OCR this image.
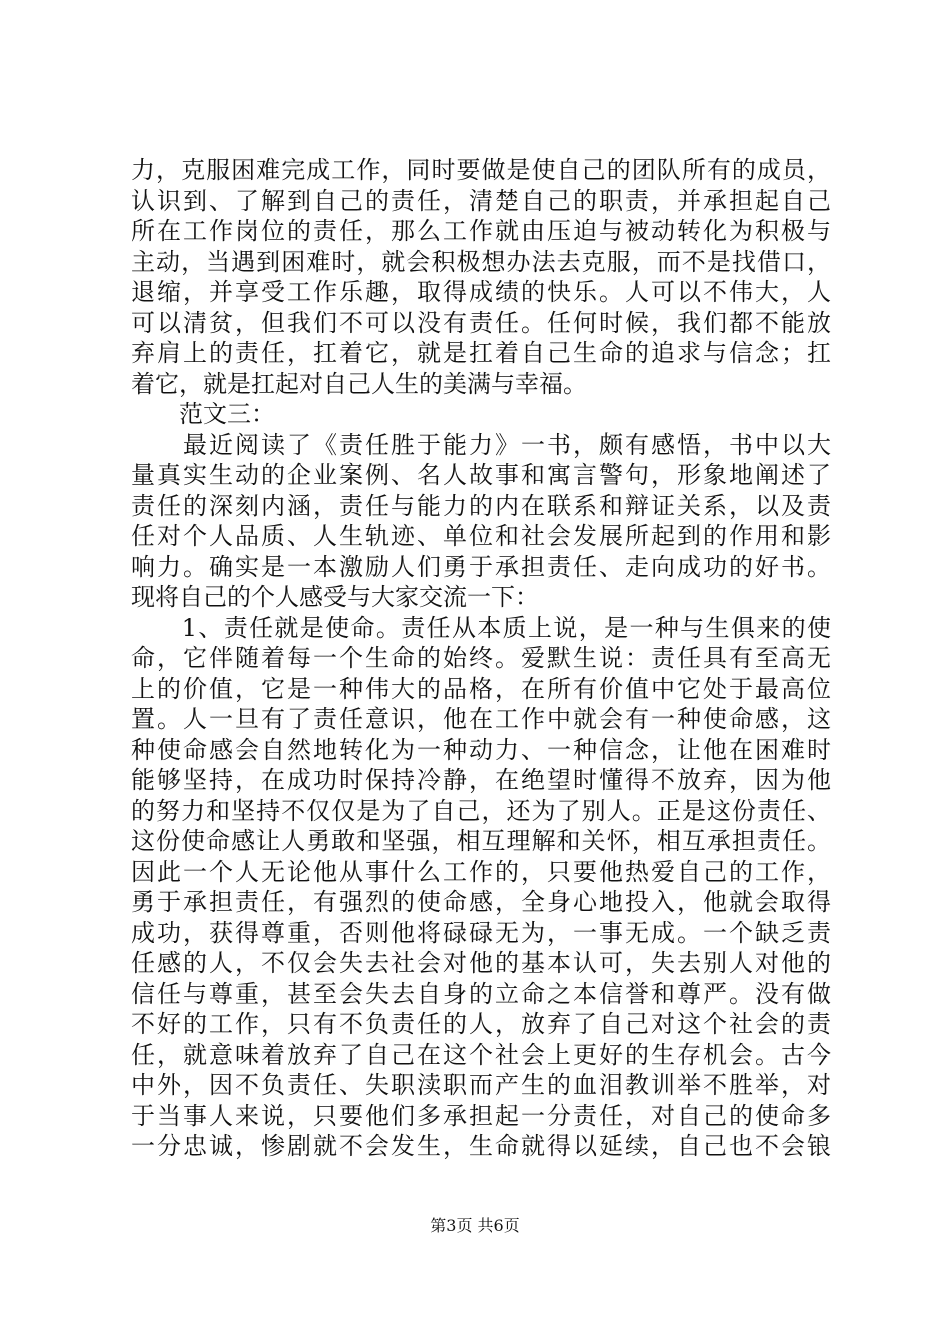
力，克服困难完成工作，同时要做是使自己的团队所有的成员，
认识到、了解到自己的责任，清楚自己的职责，并承担起自己
所在工作岗位的责任，那么工作就由压迫与被动转化为积极与
主动，当遇到困难时，就会积极想办法去克服，而不是找借口，
退缩，并享受工作乐趣，取得成绩的快乐。人可以不伟大，人
可以清贫，但我们不可以没有责任。任何时候，我们都不能放
弃肩上的责任，扛着它，就是扛着自己生命的追求与信念；扛
着它，就是扛起对自己人生的美满与幸福。
　　范文三：
　　最近阅读了《责任胜于能力》一书，颇有感悟，书中以大
量真实生动的企业案例、名人故事和寓言警句，形象地阐述了
责任的深刻内涵，责任与能力的内在联系和辩证关系，以及责
任对个人品质、人生轨迹、单位和社会发展所起到的作用和影
响力。确实是一本激励人们勇于承担责任、走向成功的好书。
现将自己的个人感受与大家交流一下：
　　1、责任就是使命。责任从本质上说，是一种与生俱来的使
命，它伴随着每一个生命的始终。爱默生说：责任具有至高无
上的价值，它是一种伟大的品格，在所有价值中它处于最高位
置。人一旦有了责任意识，他在工作中就会有一种使命感，这
种使命感会自然地转化为一种动力、一种信念，让他在困难时
能够坚持，在成功时保持冷静，在绝望时懂得不放弃，因为他
的努力和坚持不仅仅是为了自己，还为了别人。正是这份责任、
这份使命感让人勇敢和坚强，相互理解和关怀，相互承担责任。
因此一个人无论他从事什么工作的，只要他热爱自己的工作，
勇于承担责任，有强烈的使命感，全身心地投入，他就会取得
成功，获得尊重，否则他将碌碌无为，一事无成。一个缺乏责
任感的人，不仅会失去社会对他的基本认可，失去别人对他的
信任与尊重，甚至会失去自身的立命之本信誉和尊严。没有做
不好的工作，只有不负责任的人，放弃了自己对这个社会的责
任，就意味着放弃了自己在这个社会上更好的生存机会。古今
中外，因不负责任、失职渎职而产生的血泪教训举不胜举，对
于当事人来说，只要他们多承担起一分责任，对自己的使命多
一分忠诚，惨剧就不会发生，生命就得以延续，自己也不会锒
第3页 共6页
